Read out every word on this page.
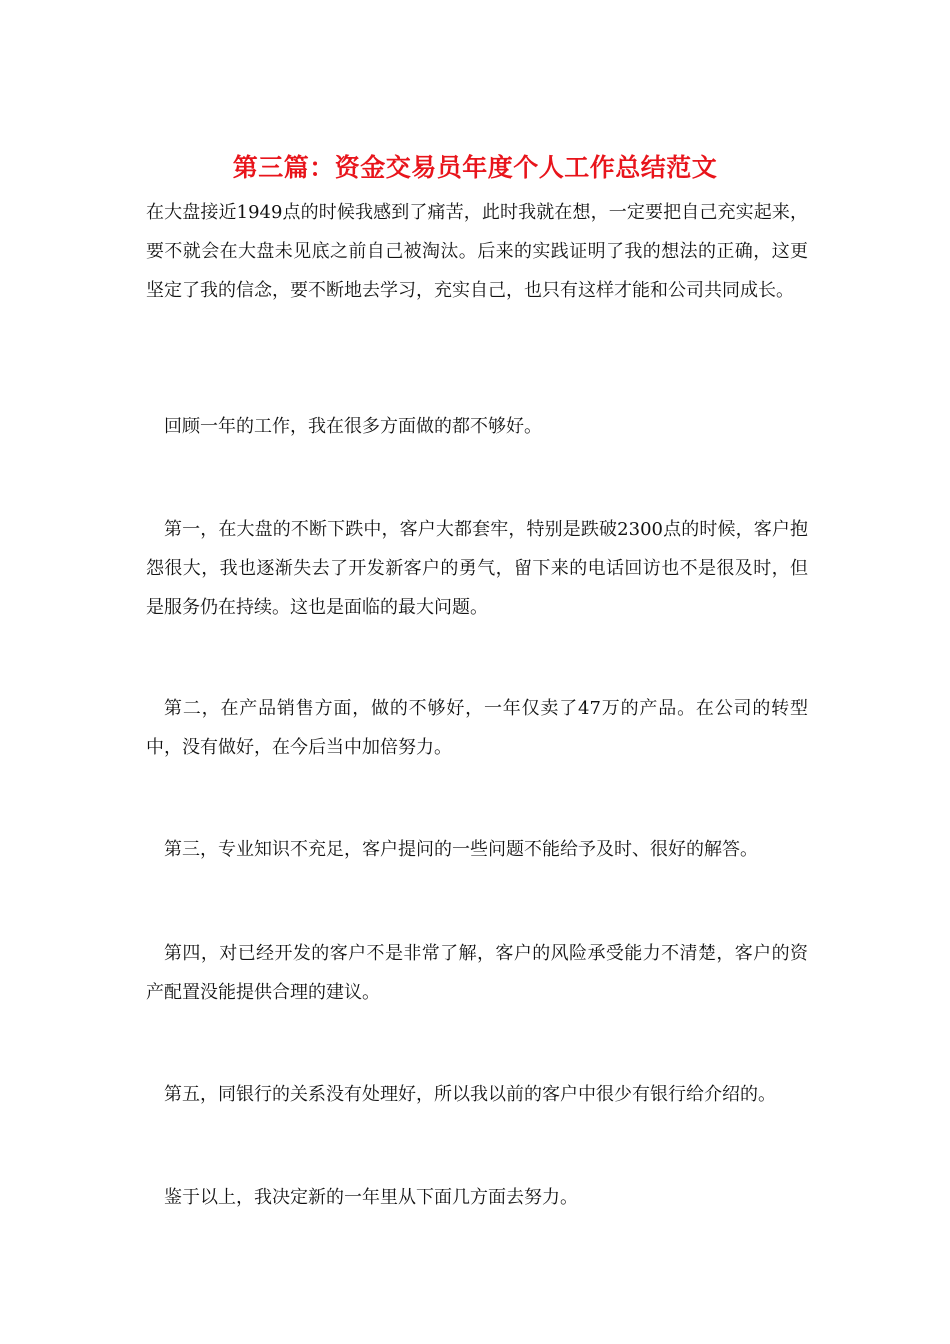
第三篇：资金交易员年度个人工作总结范文

在大盘接近1949点的时候我感到了痛苦，此时我就在想，一定要把自己充实起来，要不就会在大盘未见底之前自己被淘汰。后来的实践证明了我的想法的正确，这更坚定了我的信念，要不断地去学习，充实自己，也只有这样才能和公司共同成长。

回顾一年的工作，我在很多方面做的都不够好。

第一，在大盘的不断下跌中，客户大都套牢，特别是跌破2300点的时候，客户抱怨很大，我也逐渐失去了开发新客户的勇气，留下来的电话回访也不是很及时，但是服务仍在持续。这也是面临的最大问题。

第二，在产品销售方面，做的不够好，一年仅卖了47万的产品。在公司的转型中，没有做好，在今后当中加倍努力。

第三，专业知识不充足，客户提问的一些问题不能给予及时、很好的解答。

第四，对已经开发的客户不是非常了解，客户的风险承受能力不清楚，客户的资产配置没能提供合理的建议。

第五，同银行的关系没有处理好，所以我以前的客户中很少有银行给介绍的。

鉴于以上，我决定新的一年里从下面几方面去努力。
